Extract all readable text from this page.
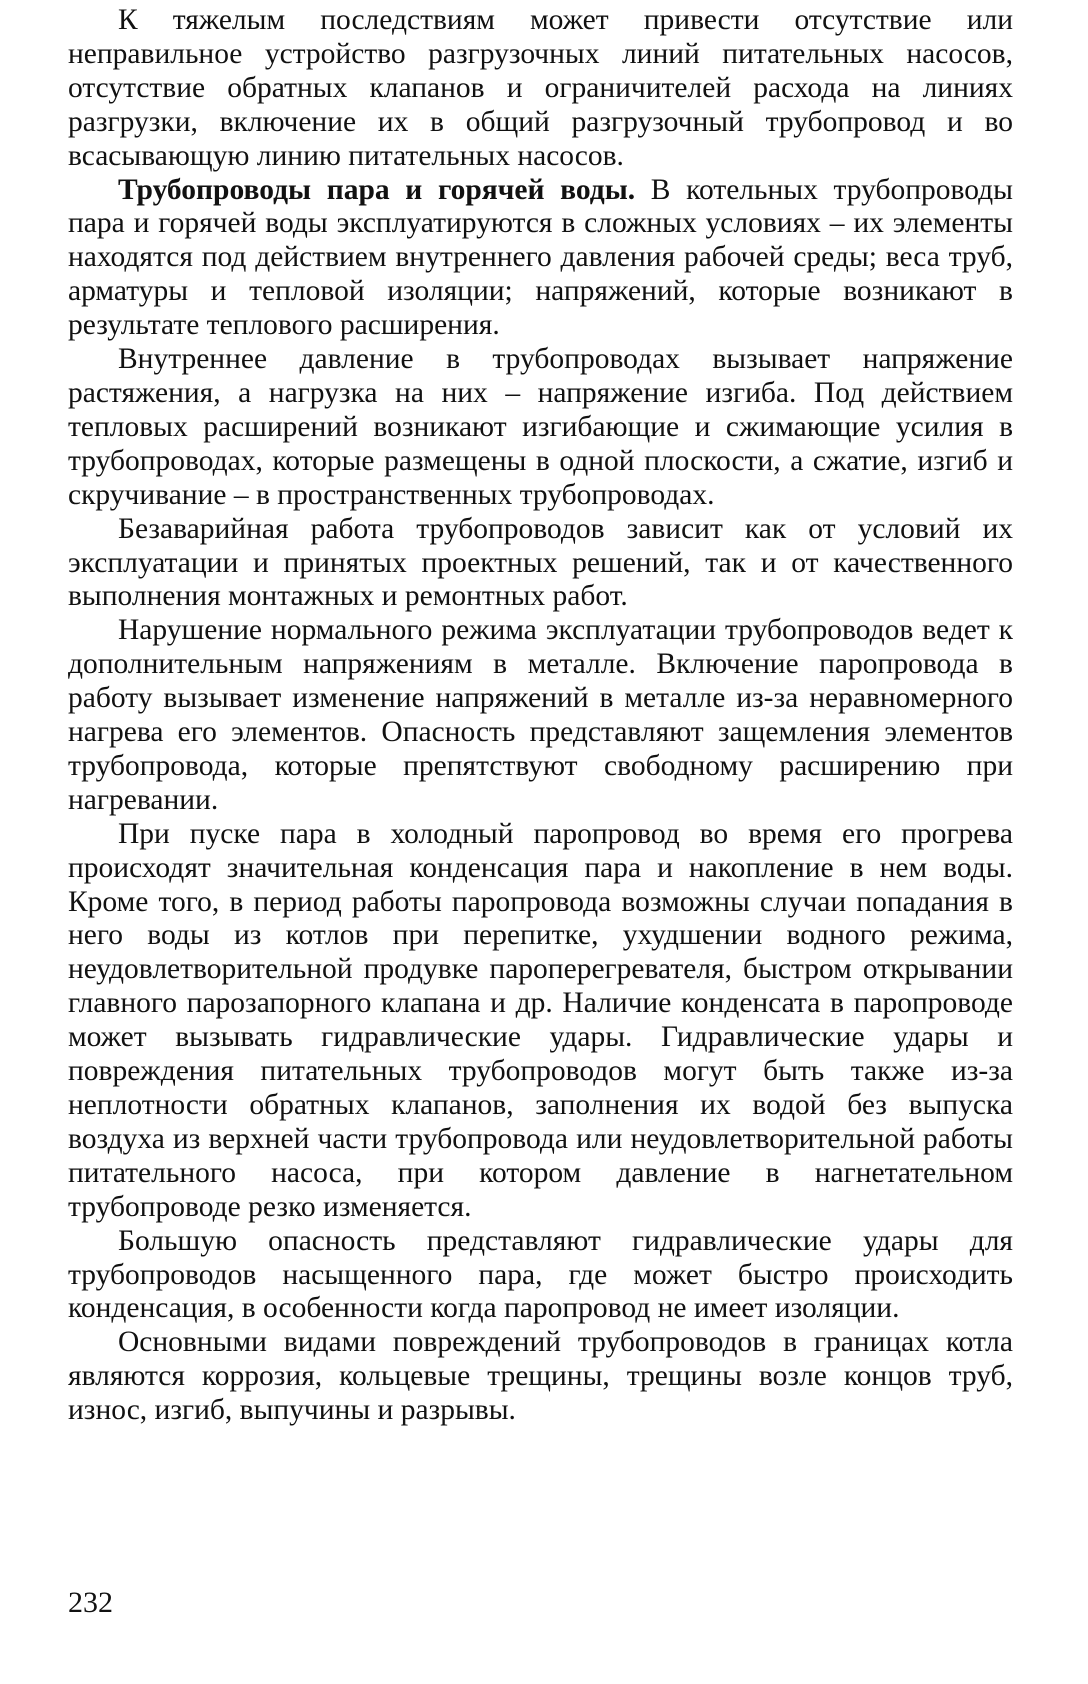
К тяжелым последствиям может привести отсутствие или неправильное устройство разгрузочных линий питательных насосов, отсутствие обратных клапанов и ограничителей расхода на линиях разгрузки, включение их в общий разгрузочный трубопровод и во всасывающую линию питательных насосов.

Трубопроводы пара и горячей воды. В котельных трубопроводы пара и горячей воды эксплуатируются в сложных условиях – их элементы находятся под действием внутреннего давления рабочей среды; веса труб, арматуры и тепловой изоляции; напряжений, которые возникают в результате теплового расширения.

Внутреннее давление в трубопроводах вызывает напряжение растяжения, а нагрузка на них – напряжение изгиба. Под действием тепловых расширений возникают изгибающие и сжимающие усилия в трубопроводах, которые размещены в одной плоскости, а сжатие, изгиб и скручивание – в пространственных трубопроводах.

Безаварийная работа трубопроводов зависит как от условий их эксплуатации и принятых проектных решений, так и от качественного выполнения монтажных и ремонтных работ.

Нарушение нормального режима эксплуатации трубопроводов ведет к дополнительным напряжениям в металле. Включение паропровода в работу вызывает изменение напряжений в металле из-за неравномерного нагрева его элементов. Опасность представляют защемления элементов трубопровода, которые препятствуют свободному расширению при нагревании.

При пуске пара в холодный паропровод во время его прогрева происходят значительная конденсация пара и накопление в нем воды. Кроме того, в период работы паропровода возможны случаи попадания в него воды из котлов при перепитке, ухудшении водного режима, неудовлетворительной продувке пароперегревателя, быстром открывании главного парозапорного клапана и др. Наличие конденсата в паропроводе может вызывать гидравлические удары. Гидравлические удары и повреждения питательных трубопроводов могут быть также из-за неплотности обратных клапанов, заполнения их водой без выпуска воздуха из верхней части трубопровода или неудовлетворительной работы питательного насоса, при котором давление в нагнетательном трубопроводе резко изменяется.

Большую опасность представляют гидравлические удары для трубопроводов насыщенного пара, где может быстро происходить конденсация, в особенности когда паропровод не имеет изоляции.

Основными видами повреждений трубопроводов в границах котла являются коррозия, кольцевые трещины, трещины возле концов труб, износ, изгиб, выпучины и разрывы.

232
